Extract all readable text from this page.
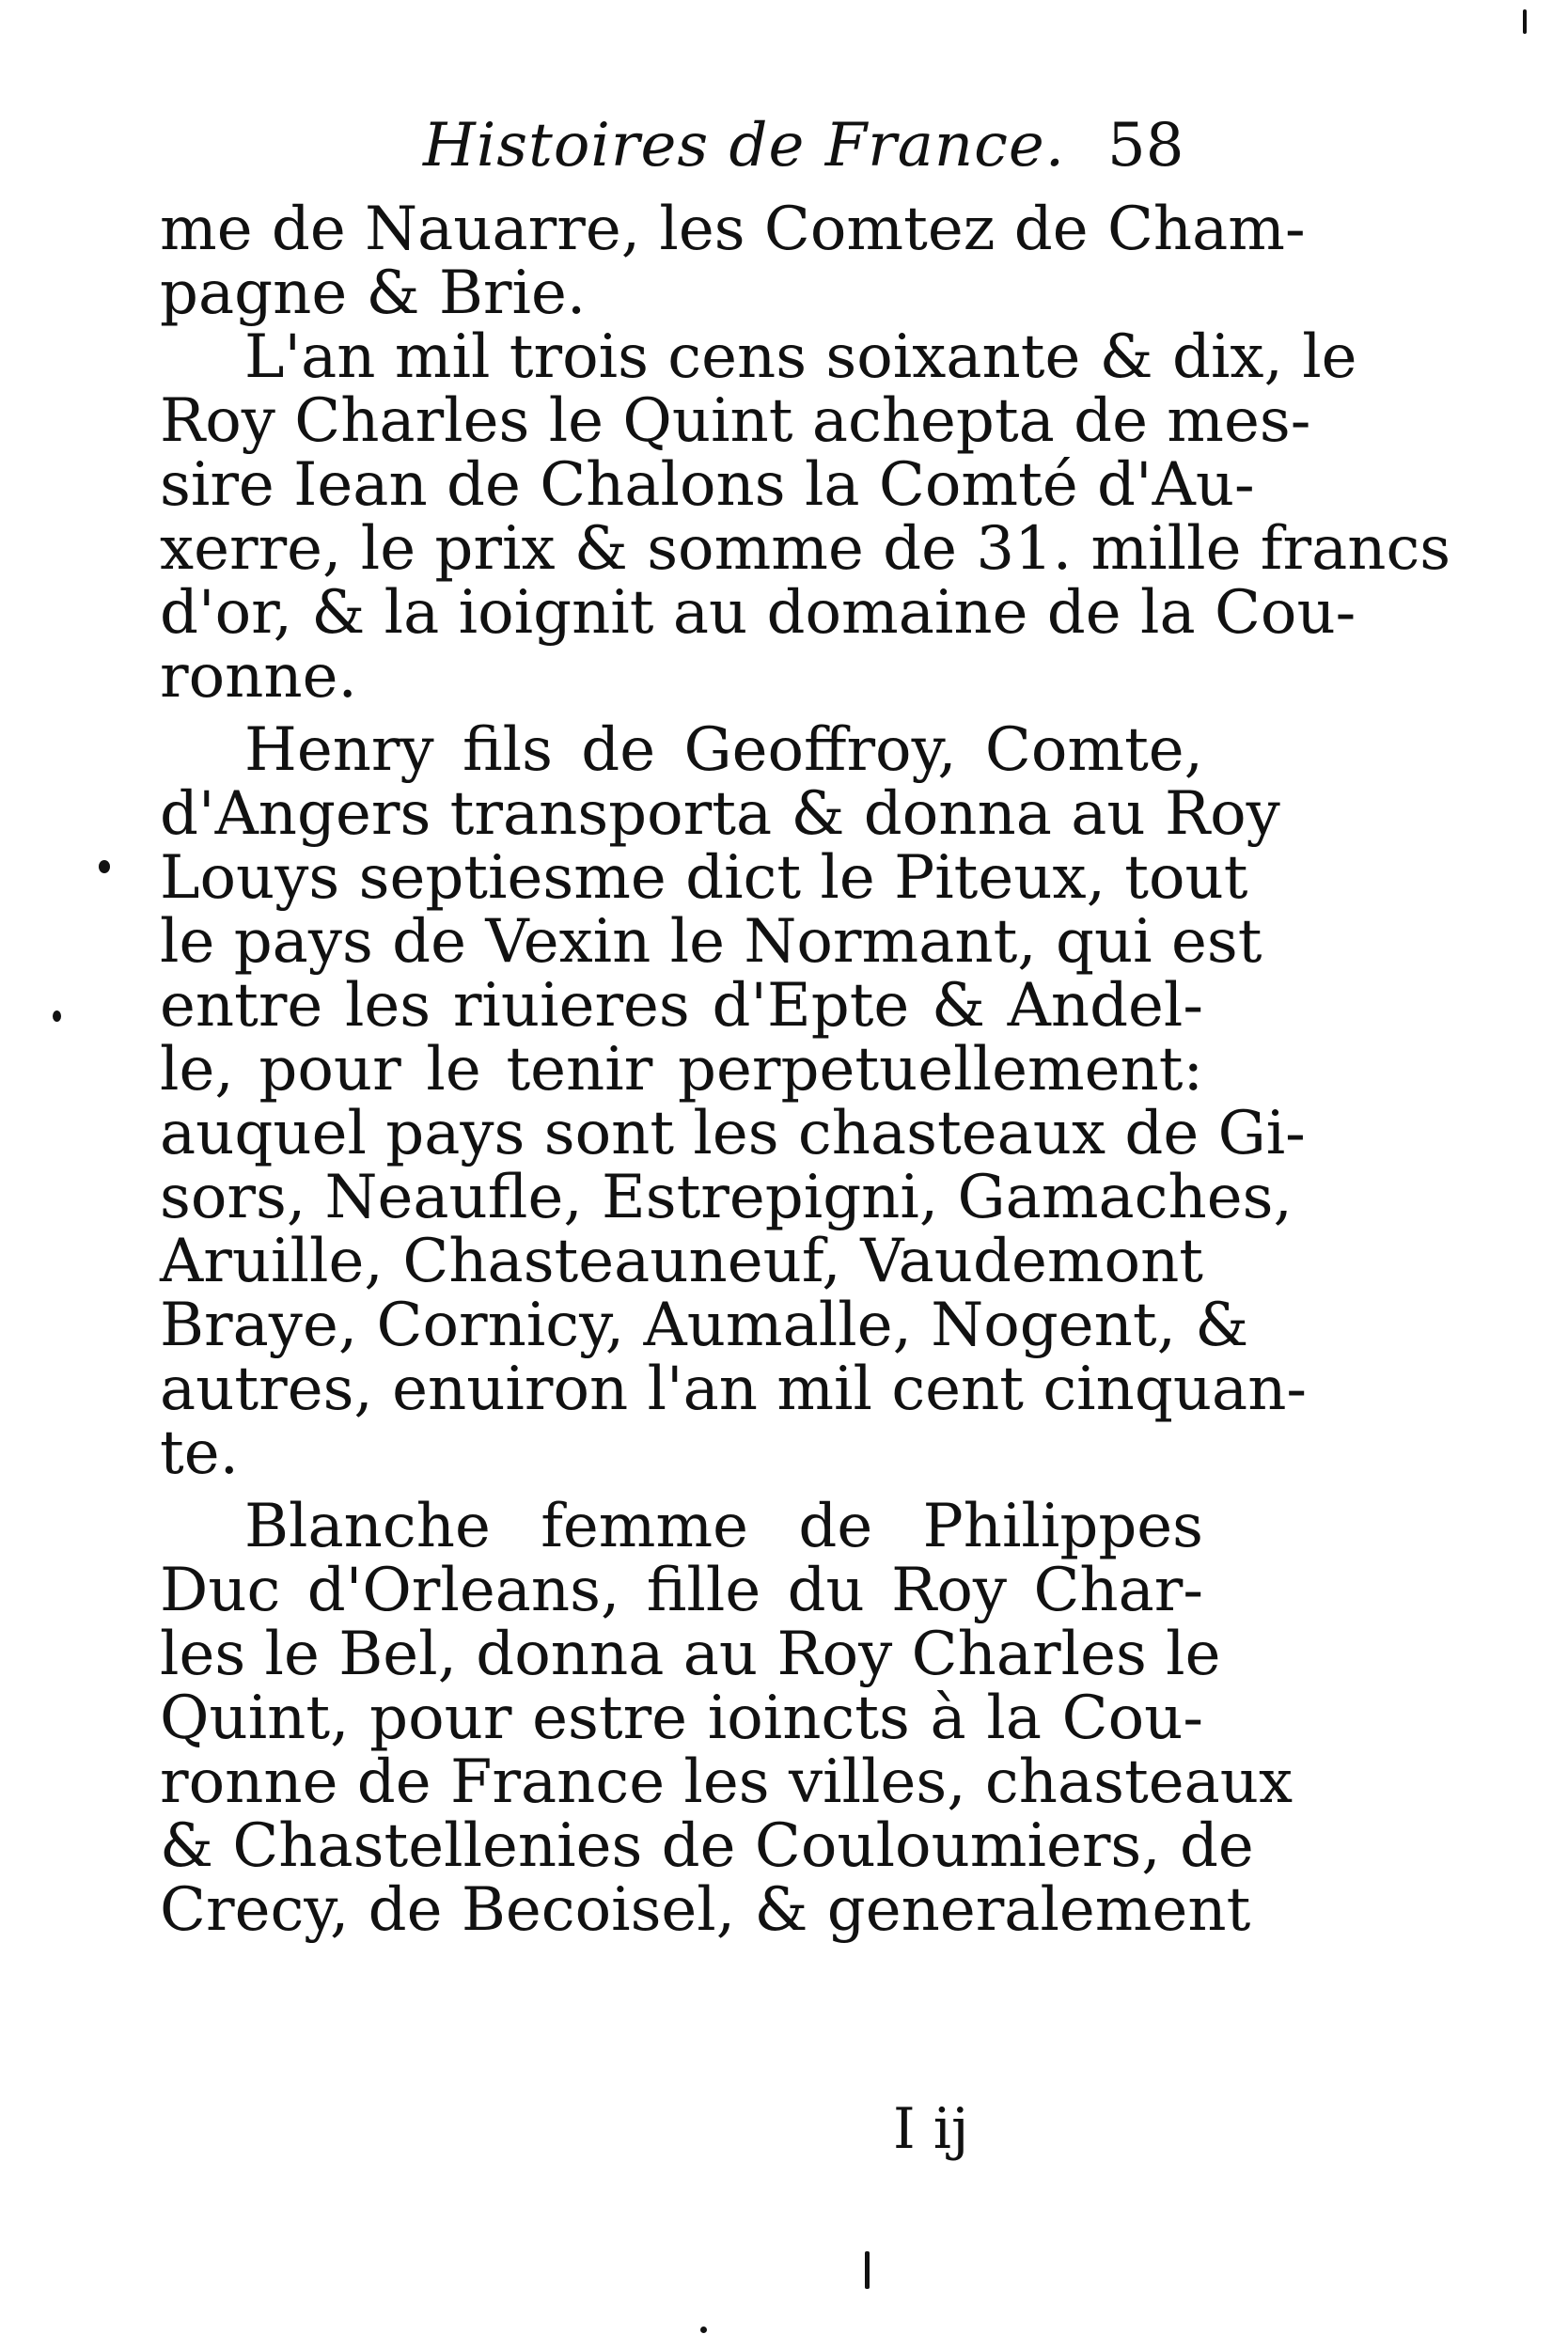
Histoires de France. 58
me de Nauarre, les Comtez de Cham-
pagne & Brie.
L'an mil trois cens soixante & dix, le
Roy Charles le Quint achepta de mes-
sire Iean de Chalons la Comté d'Au-
xerre, le prix & somme de 31. mille francs
d'or, & la ioignit au domaine de la Cou-
ronne.
Henry fils de Geoffroy, Comte,
d'Angers transporta & donna au Roy
Louys septiesme dict le Piteux, tout
le pays de Vexin le Normant, qui est
entre les riuieres d'Epte & Andel-
le, pour le tenir perpetuellement:
auquel pays sont les chasteaux de Gi-
sors, Neaufle, Estrepigni, Gamaches,
Aruille, Chasteauneuf, Vaudemont
Braye, Cornicy, Aumalle, Nogent, &
autres, enuiron l'an mil cent cinquan-
te.
Blanche femme de Philippes
Duc d'Orleans, fille du Roy Char-
les le Bel, donna au Roy Charles le
Quint, pour estre ioincts à la Cou-
ronne de France les villes, chasteaux
& Chastellenies de Couloumiers, de
Crecy, de Becoisel, & generalement
I ij
